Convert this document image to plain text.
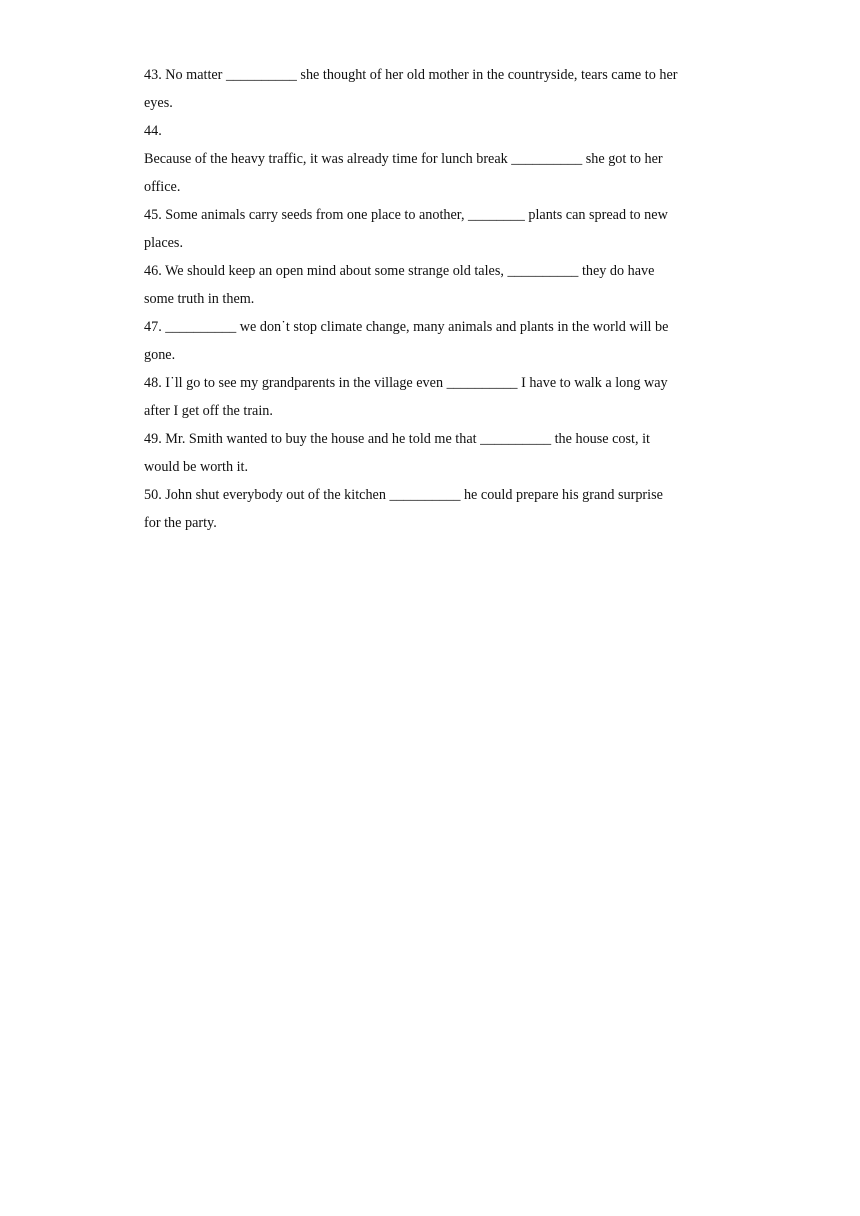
43. No matter __________ she thought of her old mother in the countryside, tears came to her
eyes.
44.
Because of the heavy traffic, it was already time for lunch break __________ she got to her
office.
45. Some animals carry seeds from one place to another, ________ plants can spread to new
places.
46. We should keep an open mind about some strange old tales, __________ they do have
some truth in them.
47. __________ we don˙t stop climate change, many animals and plants in the world will be
gone.
48. I˙ll go to see my grandparents in the village even __________ I have to walk a long way
after I get off the train.
49. Mr. Smith wanted to buy the house and he told me that __________ the house cost, it
would be worth it.
50. John shut everybody out of the kitchen __________ he could prepare his grand surprise
for the party.
